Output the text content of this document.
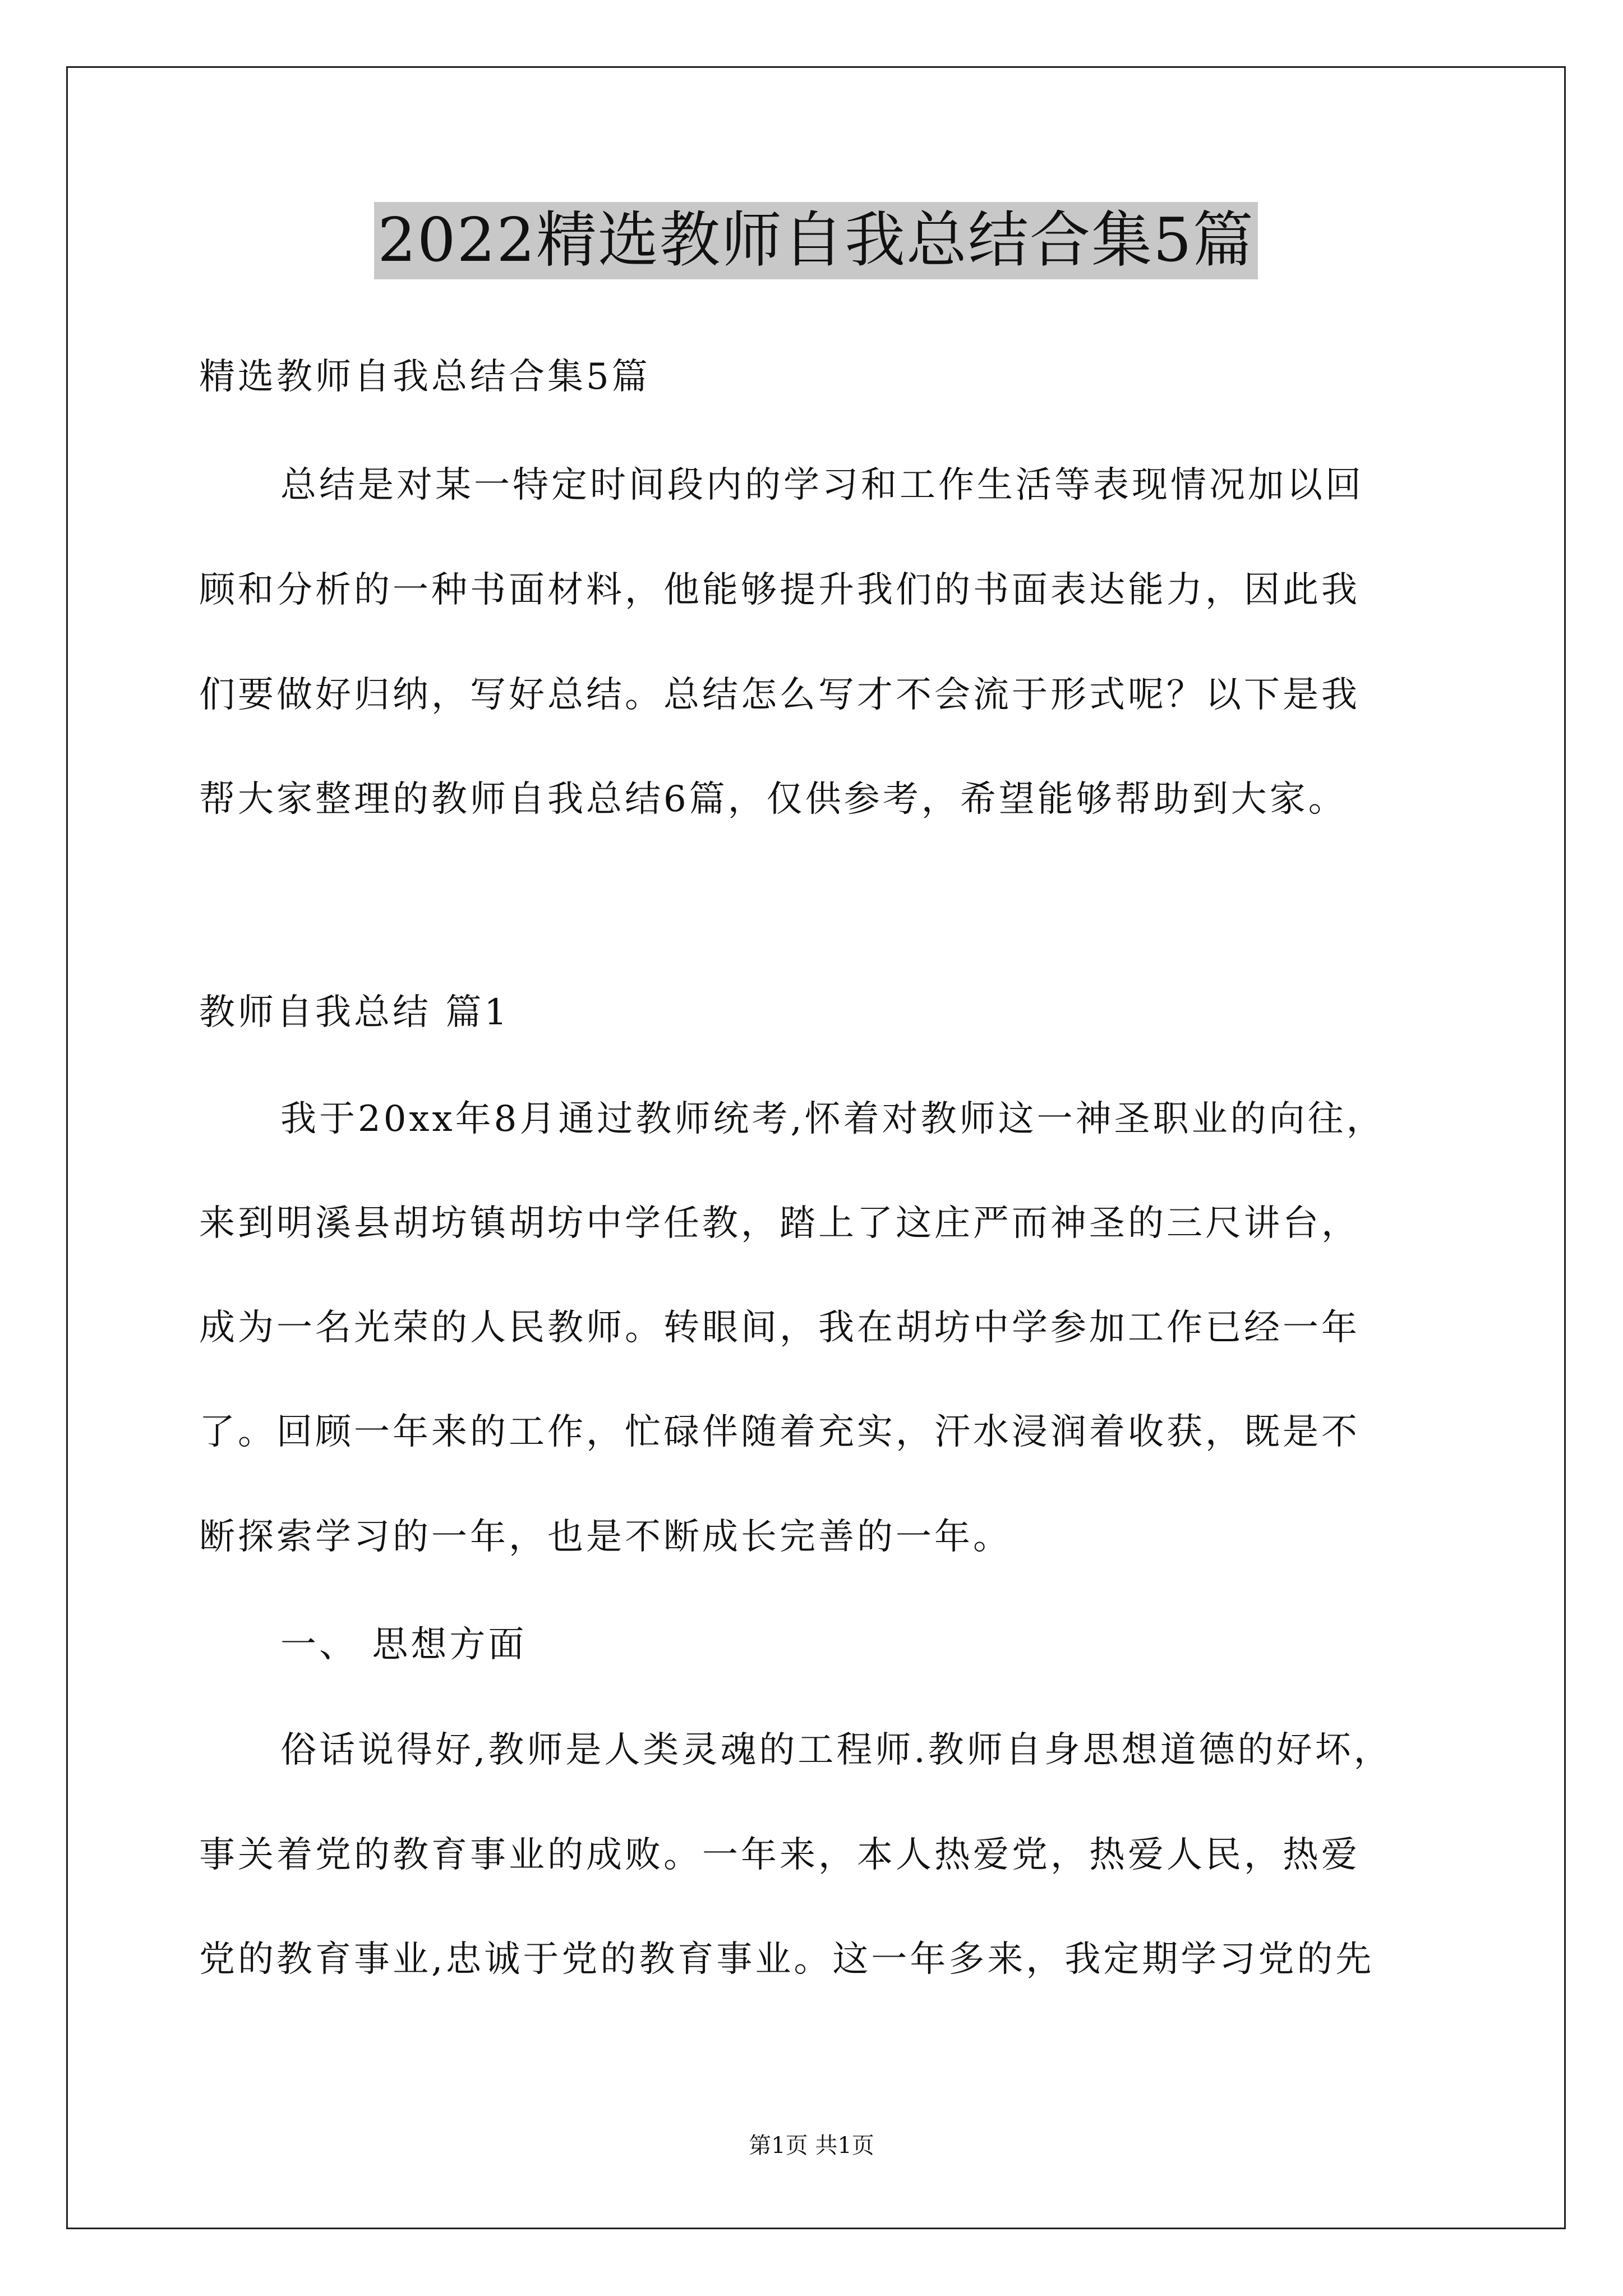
2022精选教师自我总结合集5篇
精选教师自我总结合集5篇
总结是对某一特定时间段内的学习和工作生活等表现情况加以回
顾和分析的一种书面材料，他能够提升我们的书面表达能力，因此我
们要做好归纳，写好总结。总结怎么写才不会流于形式呢？以下是我
帮大家整理的教师自我总结6篇，仅供参考，希望能够帮助到大家。
教师自我总结 篇1
我于20xx年8月通过教师统考,怀着对教师这一神圣职业的向往，
来到明溪县胡坊镇胡坊中学任教，踏上了这庄严而神圣的三尺讲台，
成为一名光荣的人民教师。转眼间，我在胡坊中学参加工作已经一年
了。回顾一年来的工作，忙碌伴随着充实，汗水浸润着收获，既是不
断探索学习的一年，也是不断成长完善的一年。
一、 思想方面
俗话说得好,教师是人类灵魂的工程师.教师自身思想道德的好坏，
事关着党的教育事业的成败。一年来，本人热爱党，热爱人民，热爱
党的教育事业,忠诚于党的教育事业。这一年多来，我定期学习党的先
第1页 共1页
